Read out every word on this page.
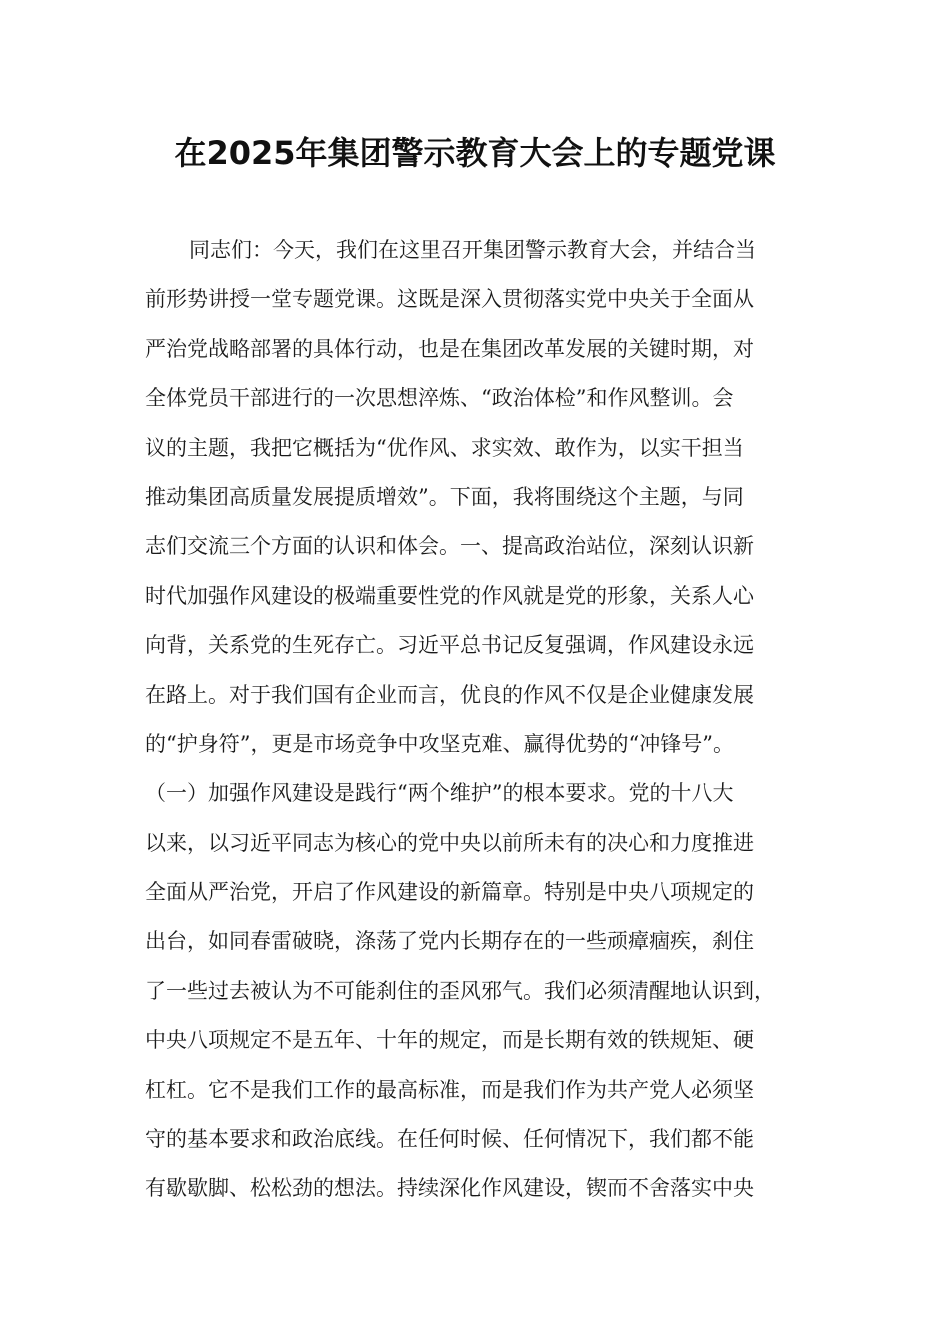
在2025年集团警示教育大会上的专题党课
同志们：今天，我们在这里召开集团警示教育大会，并结合当
前形势讲授一堂专题党课。这既是深入贯彻落实党中央关于全面从
严治党战略部署的具体行动，也是在集团改革发展的关键时期，对
全体党员干部进行的一次思想淬炼、“政治体检”和作风整训。会
议的主题，我把它概括为“优作风、求实效、敢作为，以实干担当
推动集团高质量发展提质增效”。下面，我将围绕这个主题，与同
志们交流三个方面的认识和体会。一、提高政治站位，深刻认识新
时代加强作风建设的极端重要性党的作风就是党的形象，关系人心
向背，关系党的生死存亡。习近平总书记反复强调，作风建设永远
在路上。对于我们国有企业而言，优良的作风不仅是企业健康发展
的“护身符”，更是市场竞争中攻坚克难、赢得优势的“冲锋号”。
（一）加强作风建设是践行“两个维护”的根本要求。党的十八大
以来，以习近平同志为核心的党中央以前所未有的决心和力度推进
全面从严治党，开启了作风建设的新篇章。特别是中央八项规定的
出台，如同春雷破晓，涤荡了党内长期存在的一些顽瘴痼疾，刹住
了一些过去被认为不可能刹住的歪风邪气。我们必须清醒地认识到，
中央八项规定不是五年、十年的规定，而是长期有效的铁规矩、硬
杠杠。它不是我们工作的最高标准，而是我们作为共产党人必须坚
守的基本要求和政治底线。在任何时候、任何情况下，我们都不能
有歇歇脚、松松劲的想法。持续深化作风建设，锲而不舍落实中央
